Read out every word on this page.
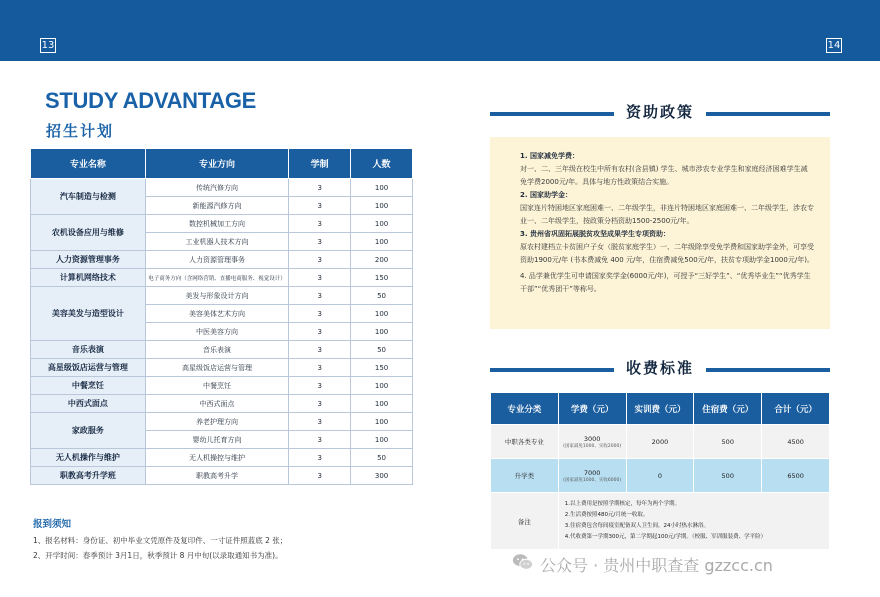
13	14
STUDY ADVANTAGE
招生计划
专业名称	专业方向	学制	人数
汽车制造与检测	传统汽修方向	3	100
	新能源汽修方向	3	100
农机设备应用与维修	数控机械加工方向	3	100
	工业机器人技术方向	3	100
人力资源管理事务	人力资源管理事务	3	200
计算机网络技术	电子商务方向（含网络营销、直播电商服务、视觉设计）	3	150
美容美发与造型设计	美发与形象设计方向	3	50
	美容美体艺术方向	3	100
	中医美容方向	3	100
音乐表演	音乐表演	3	50
高星级饭店运营与管理	高星级饭店运营与管理	3	150
中餐烹饪	中餐烹饪	3	100
中西式面点	中西式面点	3	100
家政服务	养老护理方向	3	100
	婴幼儿托育方向	3	100
无人机操作与维护	无人机操控与维护	3	50
职教高考升学班	职教高考升学	3	300
报到须知
1、报名材料：身份证、初中毕业文凭原件及复印件、一寸证件照蓝底 2 张；
2、开学时间：春季预计 3月1日，秋季预计 8 月中旬(以录取通知书为准)。
资助政策
1. 国家减免学费：
对一、二、三年级在校生中所有农村(含县镇) 学生、城市涉农专业学生和家庭经济困难学生减免学费2000元/年。具体与地方性政策结合实施。
2. 国家助学金：
国家连片特困地区家庭困难一、二年级学生，非连片特困地区家庭困难一、二年级学生，涉农专业一、二年级学生，按政策分档资助1500-2500元/年。
3. 贵州省巩固拓展脱贫攻坚成果学生专项资助：
原农村建档立卡贫困户子女（脱贫家庭学生）一、二年级除享受免学费和国家助学金外，可享受资助1900元/年 (书本费减免 400 元/年，住宿费减免500元/年，扶贫专项助学金1000元/年)。
4. 品学兼优学生可申请国家奖学金(6000元/年)，可授予“三好学生”、“优秀毕业生”“优秀学生干部”“优秀团干”等称号。
收费标准
专业分类	学费（元）	实训费（元）	住宿费（元）	合计（元）
中职各类专业	3000
(国家减免1000、实收2000)	2000	500	4500
升学类	7000
(国家减免1000、实收6000)	0	500	6500
备注	1.以上费用是按照学期核定，每年为两个学期。
2.生活费按照480元/月统一收取。
3.住宿费包含每间寝室配备双人卫生间，24小时热水淋浴。
4.代收费第一学期300元，第二学期起100元/学期。（校服、军训服装费、学平险）			
公众号 · 贵州中职查查 gzzcc.cn
